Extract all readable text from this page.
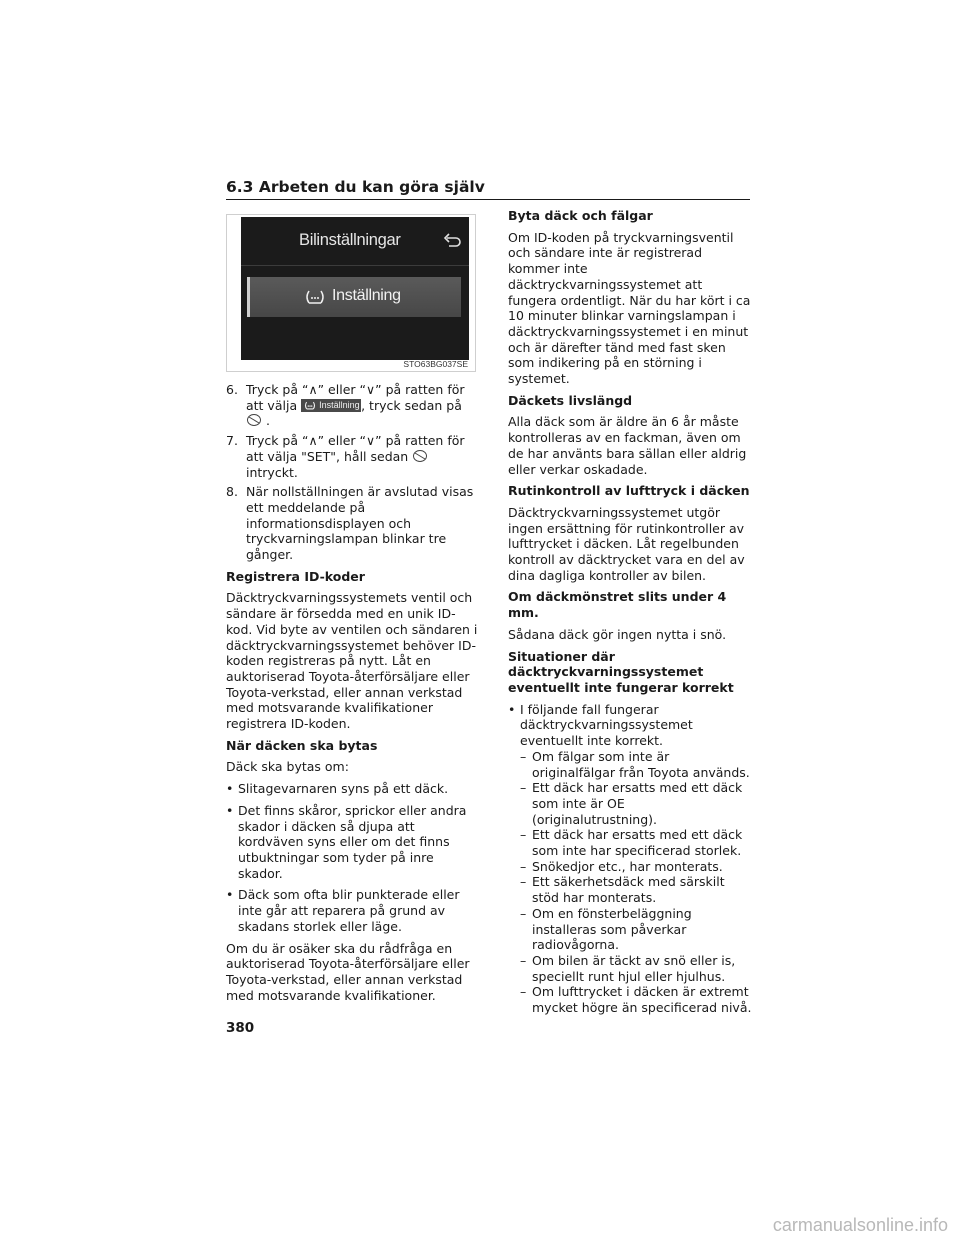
6.3 Arbeten du kan göra själv
Bilinställningar
Inställning
STO63BG037SE
6. Tryck på “∧” eller “∨” på ratten för att välja Inställning , tryck sedan på  .
7. Tryck på “∧” eller “∨” på ratten för att välja "SET", håll sedan  intryckt.
8. När nollställningen är avslutad visas ett meddelande på informationsdisplayen och tryckvarningslampan blinkar tre gånger.
Registrera ID-koder

Däcktryckvarningssystemets ventil och sändare är försedda med en unik ID-kod. Vid byte av ventilen och sändaren i däcktryckvarningssystemet behöver ID-koden registreras på nytt. Låt en auktoriserad Toyota-återförsäljare eller Toyota-verkstad, eller annan verkstad med motsvarande kvalifikationer registrera ID-koden.

När däcken ska bytas

Däck ska bytas om:

• Slitagevarnaren syns på ett däck.
• Det finns skåror, sprickor eller andra skador i däcken så djupa att kordväven syns eller om det finns utbuktningar som tyder på inre skador.
• Däck som ofta blir punkterade eller inte går att reparera på grund av skadans storlek eller läge.

Om du är osäker ska du rådfråga en auktoriserad Toyota-återförsäljare eller Toyota-verkstad, eller annan verkstad med motsvarande kvalifikationer.

Byta däck och fälgar

Om ID-koden på tryckvarningsventil och sändare inte är registrerad kommer inte däcktryckvarningssystemet att fungera ordentligt. När du har kört i ca 10 minuter blinkar varningslampan i däcktryckvarningssystemet i en minut och är därefter tänd med fast sken som indikering på en störning i systemet.

Däckets livslängd

Alla däck som är äldre än 6 år måste kontrolleras av en fackman, även om de har använts bara sällan eller aldrig eller verkar oskadade.

Rutinkontroll av lufttryck i däcken

Däcktryckvarningssystemet utgör ingen ersättning för rutinkontroller av lufttrycket i däcken. Låt regelbunden kontroll av däcktrycket vara en del av dina dagliga kontroller av bilen.

Om däckmönstret slits under 4 mm.

Sådana däck gör ingen nytta i snö.

Situationer där däcktryckvarningssystemet eventuellt inte fungerar korrekt
• I följande fall fungerar däcktryckvarningssystemet eventuellt inte korrekt.
– Om fälgar som inte är originalfälgar från Toyota används.
– Ett däck har ersatts med ett däck som inte är OE (originalutrustning).
– Ett däck har ersatts med ett däck som inte har specificerad storlek.
– Snökedjor etc., har monterats.
– Ett säkerhetsdäck med särskilt stöd har monterats.
– Om en fönsterbeläggning installeras som påverkar radiovågorna.
– Om bilen är täckt av snö eller is, speciellt runt hjul eller hjulhus.
– Om lufttrycket i däcken är extremt mycket högre än specificerad nivå.
380
carmanualsonline.info
